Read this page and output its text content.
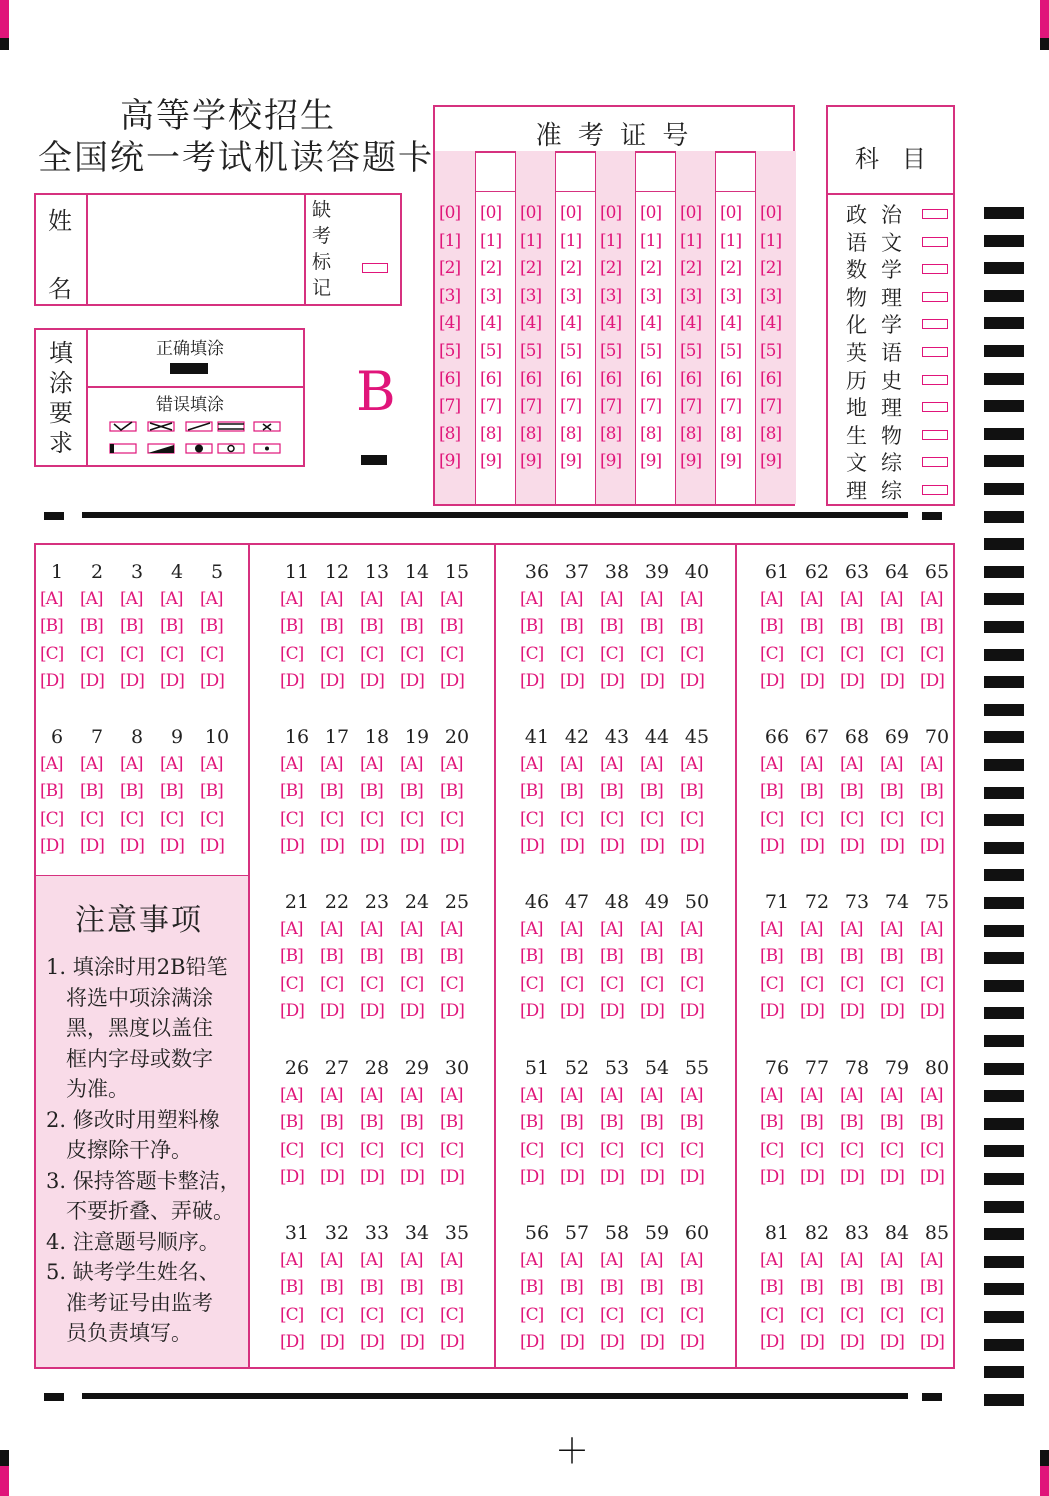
高等学校招生
全国统一考试机读答题卡
姓
名
缺
考
标
记
填
涂
要
求
正确填涂
错误填涂 B
准 考 证 号
[0]
[1]
[2]
[3]
[4]
[5]
[6]
[7]
[8]
[9]
[0]
[1]
[2]
[3]
[4]
[5]
[6]
[7]
[8]
[9]
[0]
[1]
[2]
[3]
[4]
[5]
[6]
[7]
[8]
[9]
[0]
[1]
[2]
[3]
[4]
[5]
[6]
[7]
[8]
[9]
[0]
[1]
[2]
[3]
[4]
[5]
[6]
[7]
[8]
[9]
[0]
[1]
[2]
[3]
[4]
[5]
[6]
[7]
[8]
[9]
[0]
[1]
[2]
[3]
[4]
[5]
[6]
[7]
[8]
[9]
[0]
[1]
[2]
[3]
[4]
[5]
[6]
[7]
[8]
[9]
[0]
[1]
[2]
[3]
[4]
[5]
[6]
[7]
[8]
[9]
科   目
政治
语文
数学
物理
化学
英语
历史
地理
生物
文综
理综
1
[A]
[B]
[C]
[D]
2
[A]
[B]
[C]
[D]
3
[A]
[B]
[C]
[D]
4
[A]
[B]
[C]
[D]
5
[A]
[B]
[C]
[D]
6
[A]
[B]
[C]
[D]
7
[A]
[B]
[C]
[D]
8
[A]
[B]
[C]
[D]
9
[A]
[B]
[C]
[D]
10
[A]
[B]
[C]
[D]
11
[A]
[B]
[C]
[D]
12
[A]
[B]
[C]
[D]
13
[A]
[B]
[C]
[D]
14
[A]
[B]
[C]
[D]
15
[A]
[B]
[C]
[D]
16
[A]
[B]
[C]
[D]
17
[A]
[B]
[C]
[D]
18
[A]
[B]
[C]
[D]
19
[A]
[B]
[C]
[D]
20
[A]
[B]
[C]
[D]
21
[A]
[B]
[C]
[D]
22
[A]
[B]
[C]
[D]
23
[A]
[B]
[C]
[D]
24
[A]
[B]
[C]
[D]
25
[A]
[B]
[C]
[D]
26
[A]
[B]
[C]
[D]
27
[A]
[B]
[C]
[D]
28
[A]
[B]
[C]
[D]
29
[A]
[B]
[C]
[D]
30
[A]
[B]
[C]
[D]
31
[A]
[B]
[C]
[D]
32
[A]
[B]
[C]
[D]
33
[A]
[B]
[C]
[D]
34
[A]
[B]
[C]
[D]
35
[A]
[B]
[C]
[D]
36
[A]
[B]
[C]
[D]
37
[A]
[B]
[C]
[D]
38
[A]
[B]
[C]
[D]
39
[A]
[B]
[C]
[D]
40
[A]
[B]
[C]
[D]
41
[A]
[B]
[C]
[D]
42
[A]
[B]
[C]
[D]
43
[A]
[B]
[C]
[D]
44
[A]
[B]
[C]
[D]
45
[A]
[B]
[C]
[D]
46
[A]
[B]
[C]
[D]
47
[A]
[B]
[C]
[D]
48
[A]
[B]
[C]
[D]
49
[A]
[B]
[C]
[D]
50
[A]
[B]
[C]
[D]
51
[A]
[B]
[C]
[D]
52
[A]
[B]
[C]
[D]
53
[A]
[B]
[C]
[D]
54
[A]
[B]
[C]
[D]
55
[A]
[B]
[C]
[D]
56
[A]
[B]
[C]
[D]
57
[A]
[B]
[C]
[D]
58
[A]
[B]
[C]
[D]
59
[A]
[B]
[C]
[D]
60
[A]
[B]
[C]
[D]
61
[A]
[B]
[C]
[D]
62
[A]
[B]
[C]
[D]
63
[A]
[B]
[C]
[D]
64
[A]
[B]
[C]
[D]
65
[A]
[B]
[C]
[D]
66
[A]
[B]
[C]
[D]
67
[A]
[B]
[C]
[D]
68
[A]
[B]
[C]
[D]
69
[A]
[B]
[C]
[D]
70
[A]
[B]
[C]
[D]
71
[A]
[B]
[C]
[D]
72
[A]
[B]
[C]
[D]
73
[A]
[B]
[C]
[D]
74
[A]
[B]
[C]
[D]
75
[A]
[B]
[C]
[D]
76
[A]
[B]
[C]
[D]
77
[A]
[B]
[C]
[D]
78
[A]
[B]
[C]
[D]
79
[A]
[B]
[C]
[D]
80
[A]
[B]
[C]
[D]
81
[A]
[B]
[C]
[D]
82
[A]
[B]
[C]
[D]
83
[A]
[B]
[C]
[D]
84
[A]
[B]
[C]
[D]
85
[A]
[B]
[C]
[D]
注意事项
1. 填涂时用2B铅笔
将选中项涂满涂
黑，黑度以盖住
框内字母或数字
为准。
2. 修改时用塑料橡
皮擦除干净。
3. 保持答题卡整洁，
不要折叠、弄破。
4. 注意题号顺序。
5. 缺考学生姓名、
准考证号由监考
员负责填写。
＋
